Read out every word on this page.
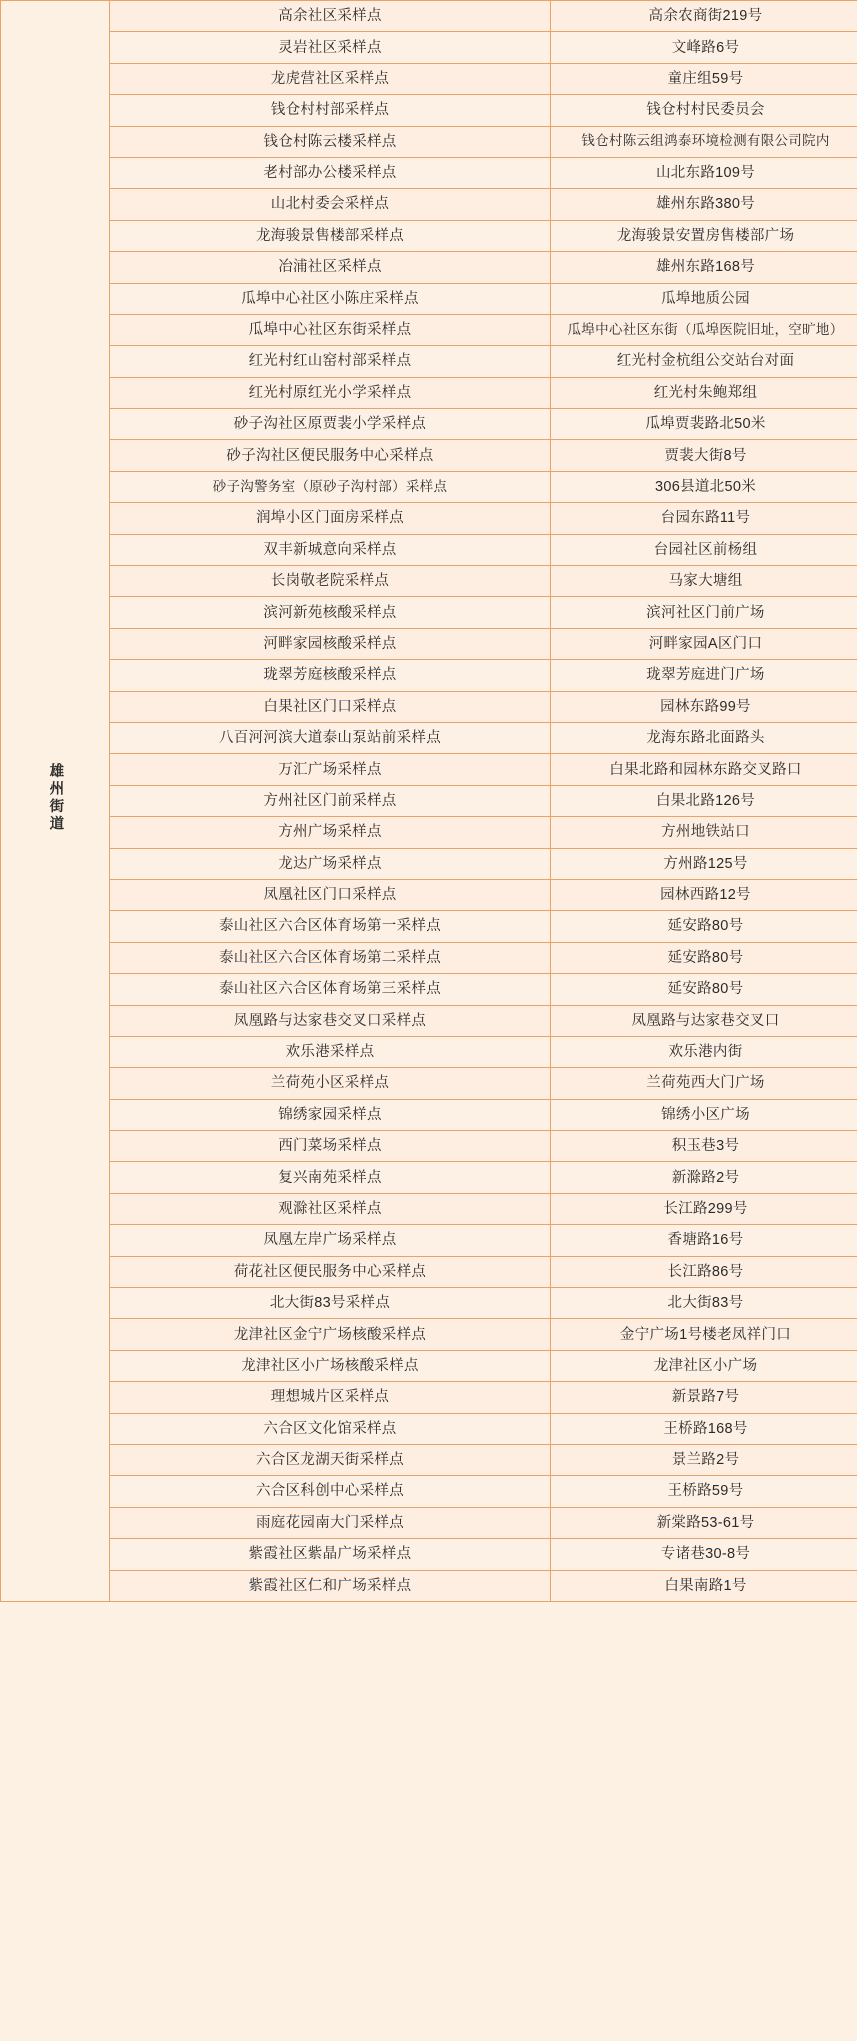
雄州街道	高余社区采样点	高余农商街219号

	灵岩社区采样点	文峰路6号

	龙虎营社区采样点	童庄组59号

	钱仓村村部采样点	钱仓村村民委员会

	钱仓村陈云楼采样点	钱仓村陈云组鸿泰环境检测有限公司院内

	老村部办公楼采样点	山北东路109号

	山北村委会采样点	雄州东路380号

	龙海骏景售楼部采样点	龙海骏景安置房售楼部广场

	冶浦社区采样点	雄州东路168号

	瓜埠中心社区小陈庄采样点	瓜埠地质公园

	瓜埠中心社区东街采样点	瓜埠中心社区东街（瓜埠医院旧址，空旷地）

	红光村红山窑村部采样点	红光村金杭组公交站台对面

	红光村原红光小学采样点	红光村朱鲍郑组

	砂子沟社区原贾裴小学采样点	瓜埠贾裴路北50米

	砂子沟社区便民服务中心采样点	贾裴大街8号

	砂子沟警务室（原砂子沟村部）采样点	306县道北50米

	润埠小区门面房采样点	台园东路11号

	双丰新城意向采样点	台园社区前杨组

	长岗敬老院采样点	马家大塘组

	滨河新苑核酸采样点	滨河社区门前广场

	河畔家园核酸采样点	河畔家园A区门口

	珑翠芳庭核酸采样点	珑翠芳庭进门广场

	白果社区门口采样点	园林东路99号

	八百河河滨大道泰山泵站前采样点	龙海东路北面路头

	万汇广场采样点	白果北路和园林东路交叉路口

	方州社区门前采样点	白果北路126号

	方州广场采样点	方州地铁站口

	龙达广场采样点	方州路125号

	凤凰社区门口采样点	园林西路12号

	泰山社区六合区体育场第一采样点	延安路80号

	泰山社区六合区体育场第二采样点	延安路80号

	泰山社区六合区体育场第三采样点	延安路80号

	凤凰路与达家巷交叉口采样点	凤凰路与达家巷交叉口

	欢乐港采样点	欢乐港内街

	兰荷苑小区采样点	兰荷苑西大门广场

	锦绣家园采样点	锦绣小区广场

	西门菜场采样点	积玉巷3号

	复兴南苑采样点	新滁路2号

	观滁社区采样点	长江路299号

	凤凰左岸广场采样点	香塘路16号

	荷花社区便民服务中心采样点	长江路86号

	北大街83号采样点	北大街83号

	龙津社区金宁广场核酸采样点	金宁广场1号楼老凤祥门口

	龙津社区小广场核酸采样点	龙津社区小广场

	理想城片区采样点	新景路7号

	六合区文化馆采样点	王桥路168号

	六合区龙湖天街采样点	景兰路2号

	六合区科创中心采样点	王桥路59号

	雨庭花园南大门采样点	新棠路53-61号

	紫霞社区紫晶广场采样点	专诸巷30-8号

	紫霞社区仁和广场采样点	白果南路1号
